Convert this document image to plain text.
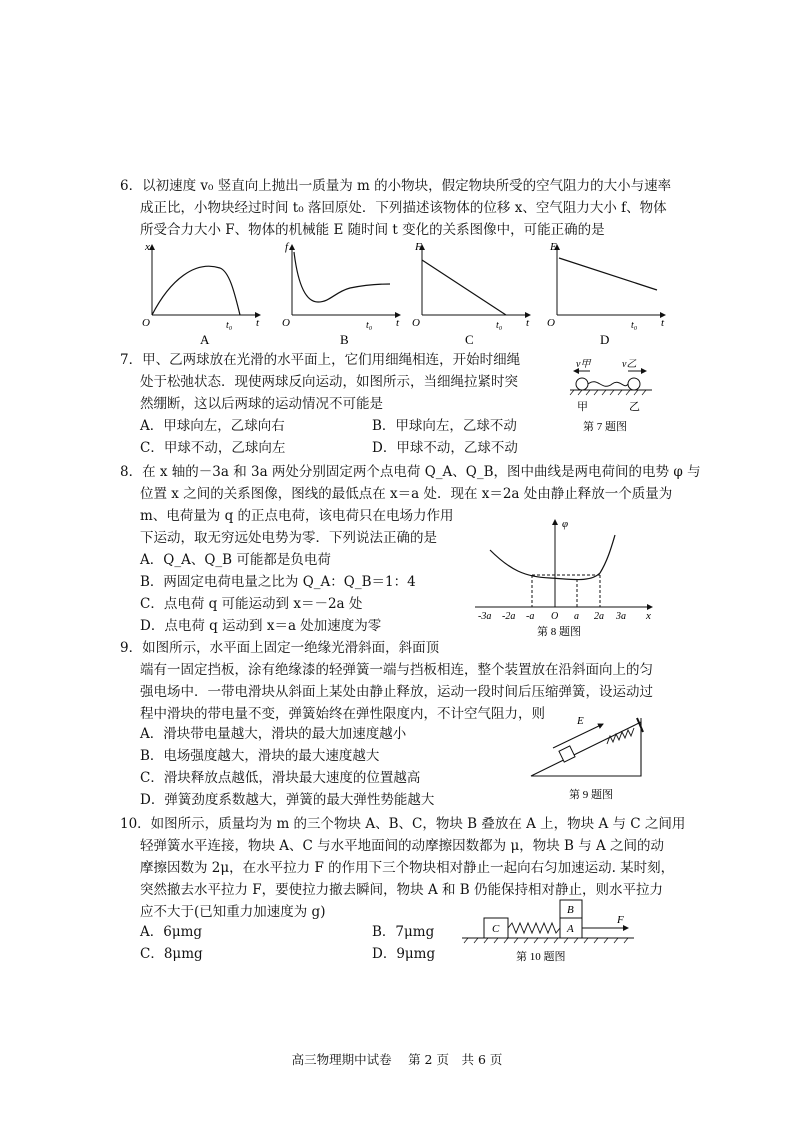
6．以初速度 v₀ 竖直向上抛出一质量为 m 的小物块，假定物块所受的空气阻力的大小与速率
成正比，小物块经过时间 t₀ 落回原处．下列描述该物体的位移 x、空气阻力大小 f、物体
所受合力大小 F、物体的机械能 E 随时间 t 变化的关系图像中，可能正确的是
x
O	t₀ t
A
f
O	t₀ t
B
F
O	t₀ t
C
E
O	t₀ t
D
7．甲、乙两球放在光滑的水平面上，它们用细绳相连，开始时细绳
处于松弛状态．现使两球反向运动，如图所示，当细绳拉紧时突
然绷断，这以后两球的运动情况不可能是
A．甲球向左，乙球向右	B．甲球向左，乙球不动
C．甲球不动，乙球向左	D．甲球不动，乙球不动
v甲	v乙
甲	乙
第 7 题图
8．在 x 轴的－3a 和 3a 两处分别固定两个点电荷 Q_A、Q_B，图中曲线是两电荷间的电势 φ 与
位置 x 之间的关系图像，图线的最低点在 x＝a 处．现在 x＝2a 处由静止释放一个质量为
m、电荷量为 q 的正点电荷，该电荷只在电场力作用
下运动，取无穷远处电势为零．下列说法正确的是
A．Q_A、Q_B 可能都是负电荷
B．两固定电荷电量之比为 Q_A：Q_B＝1：4
C．点电荷 q 可能运动到 x＝－2a 处
D．点电荷 q 运动到 x＝a 处加速度为零
φ
x
-3a -2a -a O a 2a 3a
第 8 题图
9．如图所示，水平面上固定一绝缘光滑斜面，斜面顶
端有一固定挡板，涂有绝缘漆的轻弹簧一端与挡板相连，整个装置放在沿斜面向上的匀
强电场中．一带电滑块从斜面上某处由静止释放，运动一段时间后压缩弹簧，设运动过
程中滑块的带电量不变，弹簧始终在弹性限度内，不计空气阻力，则
A．滑块带电量越大，滑块的最大加速度越小
B．电场强度越大，滑块的最大速度越大
C．滑块释放点越低，滑块最大速度的位置越高
D．弹簧劲度系数越大，弹簧的最大弹性势能越大
E
第 9 题图
10．如图所示，质量均为 m 的三个物块 A、B、C，物块 B 叠放在 A 上，物块 A 与 C 之间用
轻弹簧水平连接，物块 A、C 与水平地面间的动摩擦因数都为 μ，物块 B 与 A 之间的动
摩擦因数为 2μ，在水平拉力 F 的作用下三个物块相对静止一起向右匀加速运动. 某时刻，
突然撤去水平拉力 F，要使拉力撤去瞬间，物块 A 和 B 仍能保持相对静止，则水平拉力
应不大于(已知重力加速度为 g)
A．6μmg	B．7μmg
C．8μmg	D．9μmg
C	A
B
F
第 10 题图
高三物理期中试卷　 第 2 页　共 6 页
